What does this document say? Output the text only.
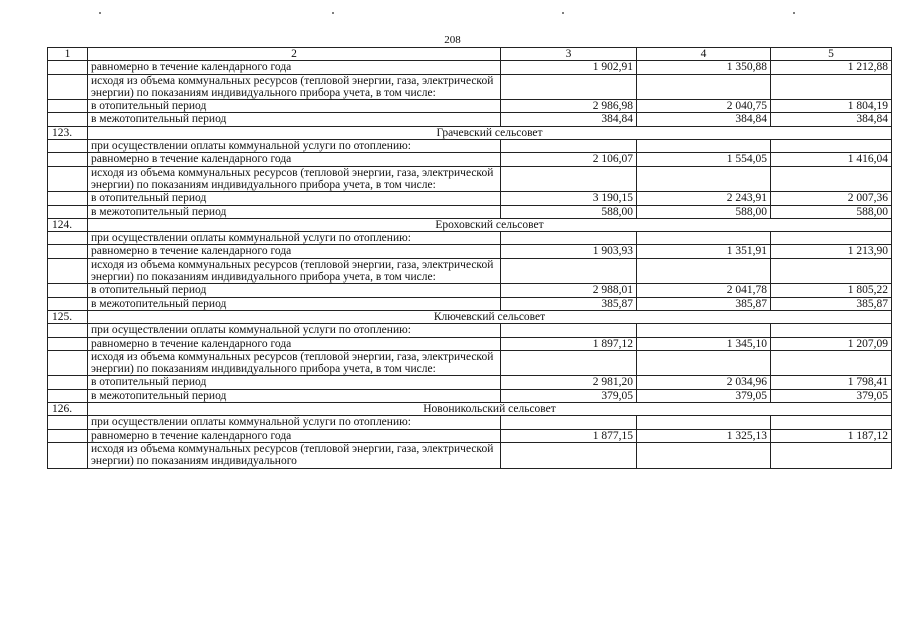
208
1	2	3	4	5
	равномерно в течение календарного года	1 902,91	1 350,88	1 212,88
	исходя из объема коммунальных ресурсов (тепловой энергии, газа, электрической энергии) по показаниям индивидуального прибора учета, в том числе:			
	в отопительный период	2 986,98	2 040,75	1 804,19
	в межотопительный период	384,84	384,84	384,84
123.	Грачевский сельсовет			
	при осуществлении оплаты коммунальной услуги по отоплению:			
	равномерно в течение календарного года	2 106,07	1 554,05	1 416,04
	исходя из объема коммунальных ресурсов (тепловой энергии, газа, электрической энергии) по показаниям индивидуального прибора учета, в том числе:			
	в отопительный период	3 190,15	2 243,91	2 007,36
	в межотопительный период	588,00	588,00	588,00
124.	Ероховский сельсовет			
	при осуществлении оплаты коммунальной услуги по отоплению:			
	равномерно в течение календарного года	1 903,93	1 351,91	1 213,90
	исходя из объема коммунальных ресурсов (тепловой энергии, газа, электрической энергии) по показаниям индивидуального прибора учета, в том числе:			
	в отопительный период	2 988,01	2 041,78	1 805,22
	в межотопительный период	385,87	385,87	385,87
125.	Ключевский сельсовет			
	при осуществлении оплаты коммунальной услуги по отоплению:			
	равномерно в течение календарного года	1 897,12	1 345,10	1 207,09
	исходя из объема коммунальных ресурсов (тепловой энергии, газа, электрической энергии) по показаниям индивидуального прибора учета, в том числе:			
	в отопительный период	2 981,20	2 034,96	1 798,41
	в межотопительный период	379,05	379,05	379,05
126.	Новоникольский сельсовет			
	при осуществлении оплаты коммунальной услуги по отоплению:			
	равномерно в течение календарного года	1 877,15	1 325,13	1 187,12
	исходя из объема коммунальных ресурсов (тепловой энергии, газа, электрической энергии) по показаниям индивидуального			
